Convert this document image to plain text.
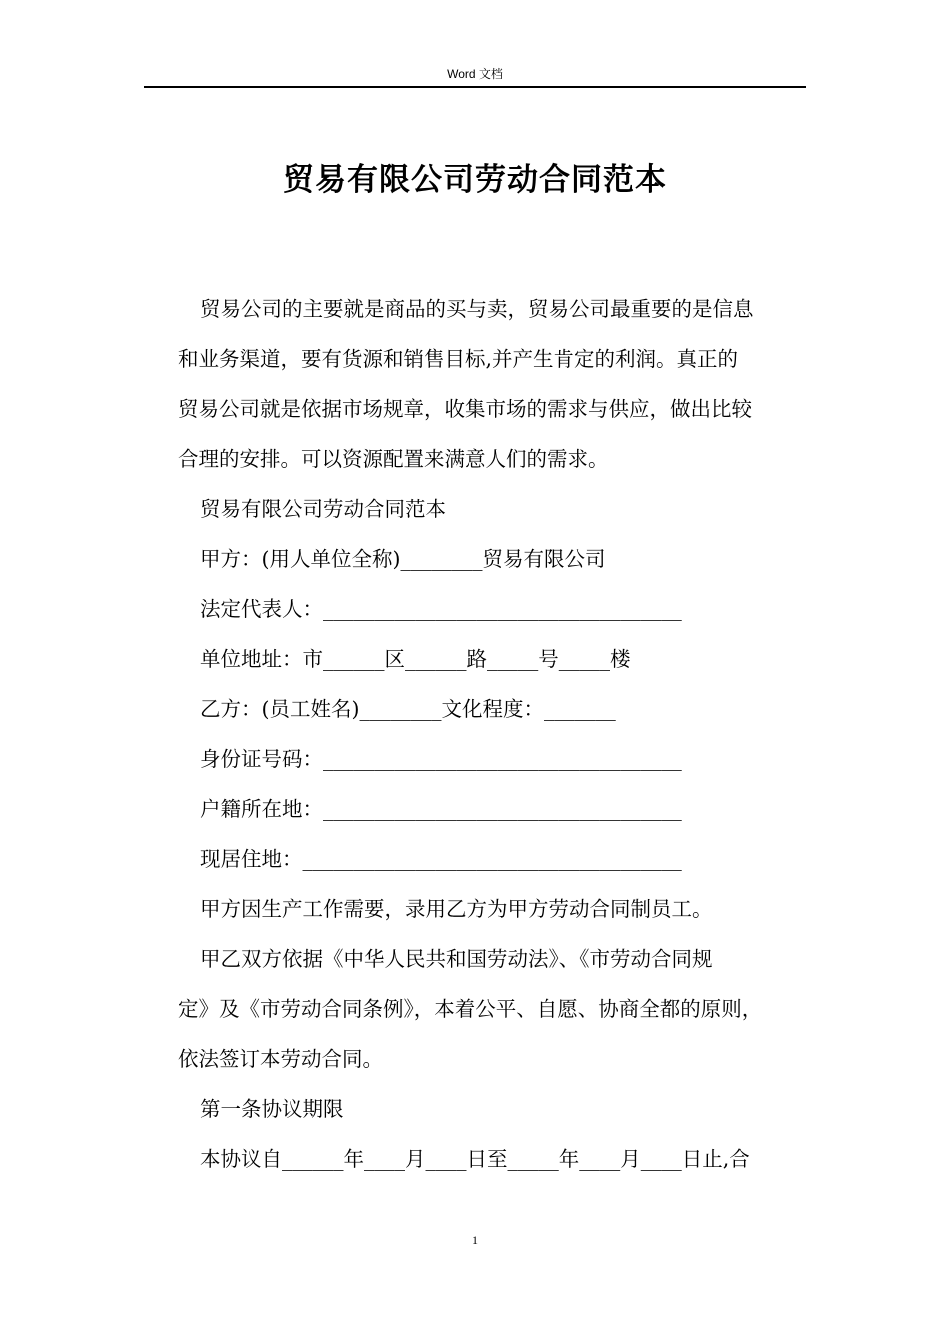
Word 文档
贸易有限公司劳动合同范本

贸易公司的主要就是商品的买与卖，贸易公司最重要的是信息

和业务渠道，要有货源和销售目标,并产生肯定的利润。真正的

贸易公司就是依据市场规章，收集市场的需求与供应，做出比较

合理的安排。可以资源配置来满意人们的需求。

贸易有限公司劳动合同范本

甲方：(用人单位全称)________贸易有限公司

法定代表人：___________________________________

单位地址：市______区______路_____号_____楼

乙方：(员工姓名)________文化程度：_______

身份证号码：___________________________________

户籍所在地：___________________________________

现居住地：_____________________________________

甲方因生产工作需要，录用乙方为甲方劳动合同制员工。

甲乙双方依据《中华人民共和国劳动法》、《市劳动合同规

定》及《市劳动合同条例》，本着公平、自愿、协商全都的原则，

依法签订本劳动合同。

第一条协议期限

本协议自______年____月____日至_____年____月____日止,合

1
